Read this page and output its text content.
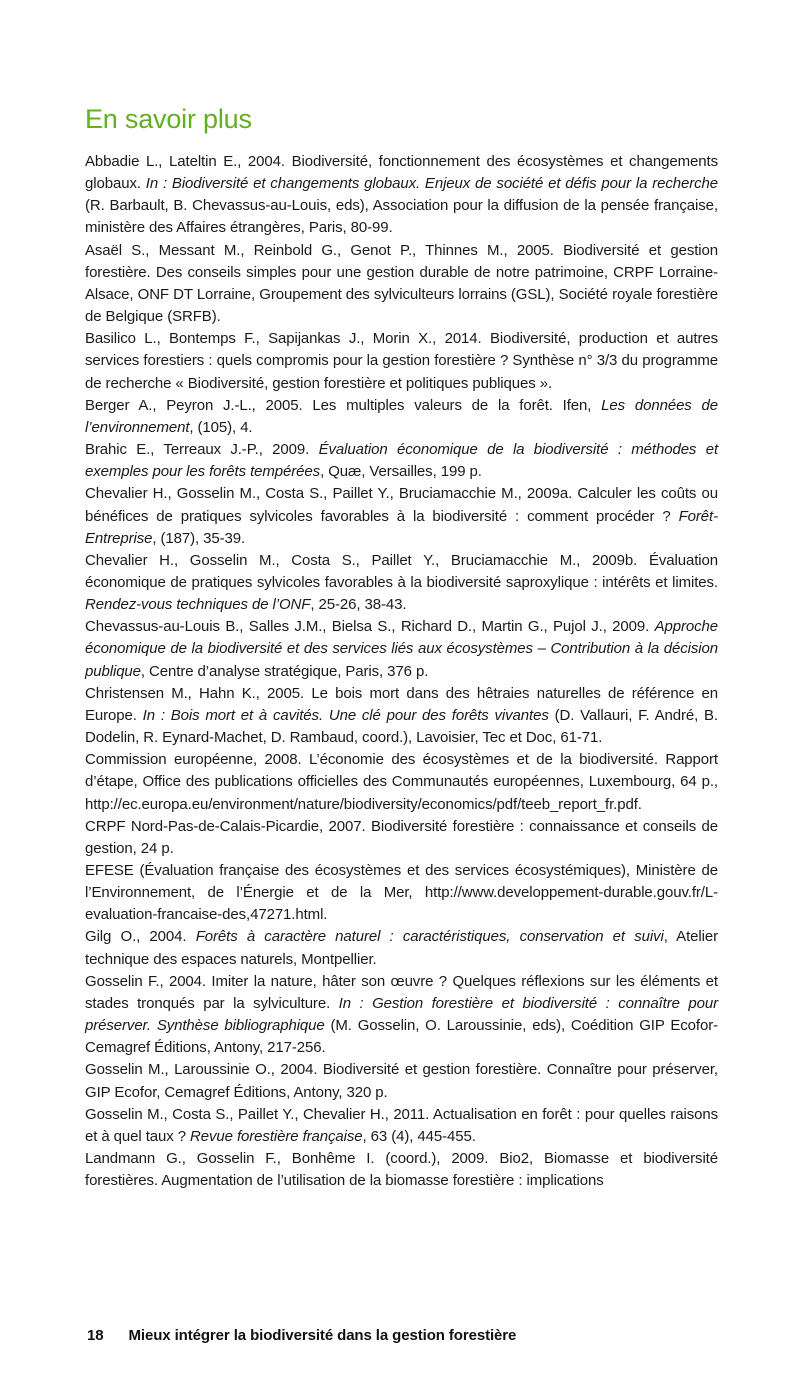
En savoir plus

Abbadie L., Lateltin E., 2004. Biodiversité, fonctionnement des écosystèmes et changements globaux. In : Biodiversité et changements globaux. Enjeux de société et défis pour la recherche (R. Barbault, B. Chevassus-au-Louis, eds), Association pour la diffusion de la pensée française, ministère des Affaires étrangères, Paris, 80-99.

Asaël S., Messant M., Reinbold G., Genot P., Thinnes M., 2005. Biodiversité et gestion forestière. Des conseils simples pour une gestion durable de notre patrimoine, CRPF Lorraine-Alsace, ONF DT Lorraine, Groupement des sylviculteurs lorrains (GSL), Société royale forestière de Belgique (SRFB).

Basilico L., Bontemps F., Sapijankas J., Morin X., 2014. Biodiversité, production et autres services forestiers : quels compromis pour la gestion forestière ? Synthèse n° 3/3 du programme de recherche « Biodiversité, gestion forestière et politiques publiques ».

Berger A., Peyron J.-L., 2005. Les multiples valeurs de la forêt. Ifen, Les données de l’environnement, (105), 4.

Brahic E., Terreaux J.-P., 2009. Évaluation économique de la biodiversité : méthodes et exemples pour les forêts tempérées, Quæ, Versailles, 199 p.

Chevalier H., Gosselin M., Costa S., Paillet Y., Bruciamacchie M., 2009a. Calculer les coûts ou bénéfices de pratiques sylvicoles favorables à la biodiversité : comment procéder ? Forêt-Entreprise, (187), 35-39.

Chevalier H., Gosselin M., Costa S., Paillet Y., Bruciamacchie M., 2009b. Évaluation économique de pratiques sylvicoles favorables à la biodiversité saproxylique : intérêts et limites. Rendez-vous techniques de l’ONF, 25-26, 38-43.

Chevassus-au-Louis B., Salles J.M., Bielsa S., Richard D., Martin G., Pujol J., 2009. Approche économique de la biodiversité et des services liés aux écosystèmes – Contribution à la décision publique, Centre d’analyse stratégique, Paris, 376 p.

Christensen M., Hahn K., 2005. Le bois mort dans des hêtraies naturelles de référence en Europe. In : Bois mort et à cavités. Une clé pour des forêts vivantes (D. Vallauri, F. André, B. Dodelin, R. Eynard-Machet, D. Rambaud, coord.), Lavoisier, Tec et Doc, 61-71.

Commission européenne, 2008. L’économie des écosystèmes et de la biodiversité. Rapport d’étape, Office des publications officielles des Communautés européennes, Luxembourg, 64 p., http://ec.europa.eu/environment/nature/biodiversity/economics/pdf/teeb_report_fr.pdf.

CRPF Nord-Pas-de-Calais-Picardie, 2007. Biodiversité forestière : connaissance et conseils de gestion, 24 p.

EFESE (Évaluation française des écosystèmes et des services écosystémiques), Ministère de l’Environnement, de l’Énergie et de la Mer, http://www.developpement-durable.gouv.fr/L-evaluation-francaise-des,47271.html.

Gilg O., 2004. Forêts à caractère naturel : caractéristiques, conservation et suivi, Atelier technique des espaces naturels, Montpellier.

Gosselin F., 2004. Imiter la nature, hâter son œuvre ? Quelques réflexions sur les éléments et stades tronqués par la sylviculture. In : Gestion forestière et biodiversité : connaître pour préserver. Synthèse bibliographique (M. Gosselin, O. Laroussinie, eds), Coédition GIP Ecofor-Cemagref Éditions, Antony, 217-256.

Gosselin M., Laroussinie O., 2004. Biodiversité et gestion forestière. Connaître pour préserver, GIP Ecofor, Cemagref Éditions, Antony, 320 p.

Gosselin M., Costa S., Paillet Y., Chevalier H., 2011. Actualisation en forêt : pour quelles raisons et à quel taux ? Revue forestière française, 63 (4), 445-455.

Landmann G., Gosselin F., Bonhême I. (coord.), 2009. Bio2, Biomasse et biodiversité forestières. Augmentation de l’utilisation de la biomasse forestière : implications

18 Mieux intégrer la biodiversité dans la gestion forestière
